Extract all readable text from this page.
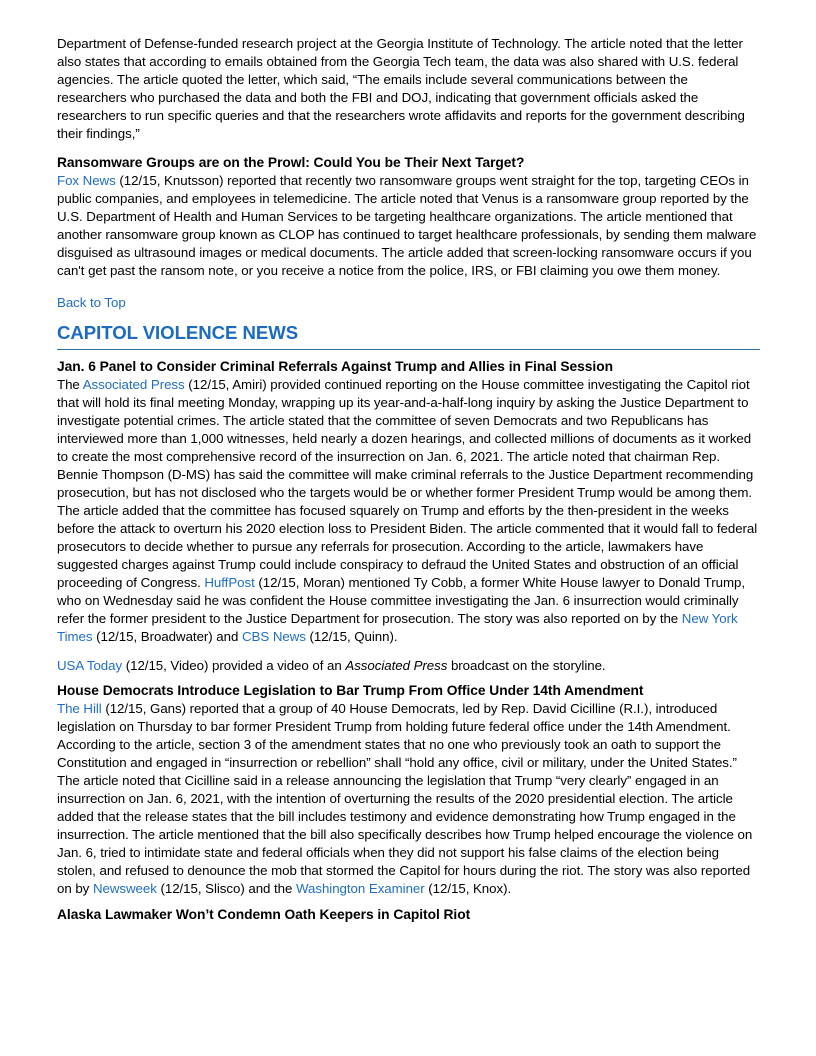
Department of Defense-funded research project at the Georgia Institute of Technology. The article noted that the letter also states that according to emails obtained from the Georgia Tech team, the data was also shared with U.S. federal agencies. The article quoted the letter, which said, “The emails include several communications between the researchers who purchased the data and both the FBI and DOJ, indicating that government officials asked the researchers to run specific queries and that the researchers wrote affidavits and reports for the government describing their findings,”

Ransomware Groups are on the Prowl: Could You be Their Next Target?

Fox News (12/15, Knutsson) reported that recently two ransomware groups went straight for the top, targeting CEOs in public companies, and employees in telemedicine. The article noted that Venus is a ransomware group reported by the U.S. Department of Health and Human Services to be targeting healthcare organizations. The article mentioned that another ransomware group known as CLOP has continued to target healthcare professionals, by sending them malware disguised as ultrasound images or medical documents. The article added that screen-locking ransomware occurs if you can't get past the ransom note, or you receive a notice from the police, IRS, or FBI claiming you owe them money.

Back to Top

CAPITOL VIOLENCE NEWS
Jan. 6 Panel to Consider Criminal Referrals Against Trump and Allies in Final Session

The Associated Press (12/15, Amiri) provided continued reporting on the House committee investigating the Capitol riot that will hold its final meeting Monday, wrapping up its year-and-a-half-long inquiry by asking the Justice Department to investigate potential crimes. The article stated that the committee of seven Democrats and two Republicans has interviewed more than 1,000 witnesses, held nearly a dozen hearings, and collected millions of documents as it worked to create the most comprehensive record of the insurrection on Jan. 6, 2021. The article noted that chairman Rep. Bennie Thompson (D-MS) has said the committee will make criminal referrals to the Justice Department recommending prosecution, but has not disclosed who the targets would be or whether former President Trump would be among them. The article added that the committee has focused squarely on Trump and efforts by the then-president in the weeks before the attack to overturn his 2020 election loss to President Biden. The article commented that it would fall to federal prosecutors to decide whether to pursue any referrals for prosecution. According to the article, lawmakers have suggested charges against Trump could include conspiracy to defraud the United States and obstruction of an official proceeding of Congress. HuffPost (12/15, Moran) mentioned Ty Cobb, a former White House lawyer to Donald Trump, who on Wednesday said he was confident the House committee investigating the Jan. 6 insurrection would criminally refer the former president to the Justice Department for prosecution. The story was also reported on by the New York Times (12/15, Broadwater) and CBS News (12/15, Quinn).

USA Today (12/15, Video) provided a video of an Associated Press broadcast on the storyline.

House Democrats Introduce Legislation to Bar Trump From Office Under 14th Amendment

The Hill (12/15, Gans) reported that a group of 40 House Democrats, led by Rep. David Cicilline (R.I.), introduced legislation on Thursday to bar former President Trump from holding future federal office under the 14th Amendment. According to the article, section 3 of the amendment states that no one who previously took an oath to support the Constitution and engaged in “insurrection or rebellion” shall “hold any office, civil or military, under the United States.” The article noted that Cicilline said in a release announcing the legislation that Trump “very clearly” engaged in an insurrection on Jan. 6, 2021, with the intention of overturning the results of the 2020 presidential election. The article added that the release states that the bill includes testimony and evidence demonstrating how Trump engaged in the insurrection. The article mentioned that the bill also specifically describes how Trump helped encourage the violence on Jan. 6, tried to intimidate state and federal officials when they did not support his false claims of the election being stolen, and refused to denounce the mob that stormed the Capitol for hours during the riot. The story was also reported on by Newsweek (12/15, Slisco) and the Washington Examiner (12/15, Knox).

Alaska Lawmaker Won’t Condemn Oath Keepers in Capitol Riot
